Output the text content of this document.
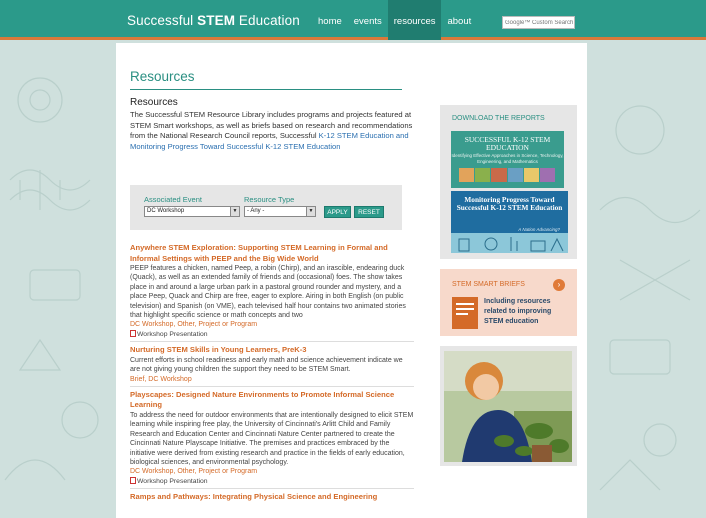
Successful STEM Education	home	events	resources	about
Google™ Custom Search
Resources
Resources
The Successful STEM Resource Library includes programs and projects featured at STEM Smart workshops, as well as briefs based on research and recommendations from the National Research Council reports, Successful K-12 STEM Education and Monitoring Progress Toward Successful K-12 STEM Education
Associated Event	Resource Type
DC Workshop	▼	- Any -	▼	APPLY	RESET
Anywhere STEM Exploration: Supporting STEM Learning in Formal and Informal Settings with PEEP and the Big Wide World
PEEP features a chicken, named Peep, a robin (Chirp), and an irascible, endearing duck (Quack), as well as an extended family of friends and (occasional) foes. The show takes place in and around a large urban park in a pastoral ground rounder and mystery, and a place Peep, Quack and Chirp are free, eager to explore. Airing in both English (on public television) and Spanish (on VME), each televised half hour contains two animated stories that highlight specific science or math concepts and two
DC Workshop, Other, Project or Program
Workshop Presentation
Nurturing STEM Skills in Young Learners, PreK-3
Current efforts in school readiness and early math and science achievement indicate we are not giving young children the support they need to be STEM Smart.
Brief, DC Workshop
Playscapes: Designed Nature Environments to Promote Informal Science Learning
To address the need for outdoor environments that are intentionally designed to elicit STEM learning while inspiring free play, the University of Cincinnati's Arlitt Child and Family Research and Education Center and Cincinnati Nature Center partnered to create the Cincinnati Nature Playscape Initiative. The premises and practices embraced by the initiative were derived from existing research and practice in the fields of early education, biological sciences, and environmental psychology.
DC Workshop, Other, Project or Program
Workshop Presentation
Ramps and Pathways: Integrating Physical Science and Engineering
DOWNLOAD THE REPORTS
SUCCESSFUL K-12 STEM EDUCATION
Identifying Effective Approaches in Science, Technology, Engineering, and Mathematics
Monitoring Progress Toward Successful K-12 STEM Education
A Nation Advancing?
STEM SMART BRIEFS	›
Including resources related to improving STEM education
